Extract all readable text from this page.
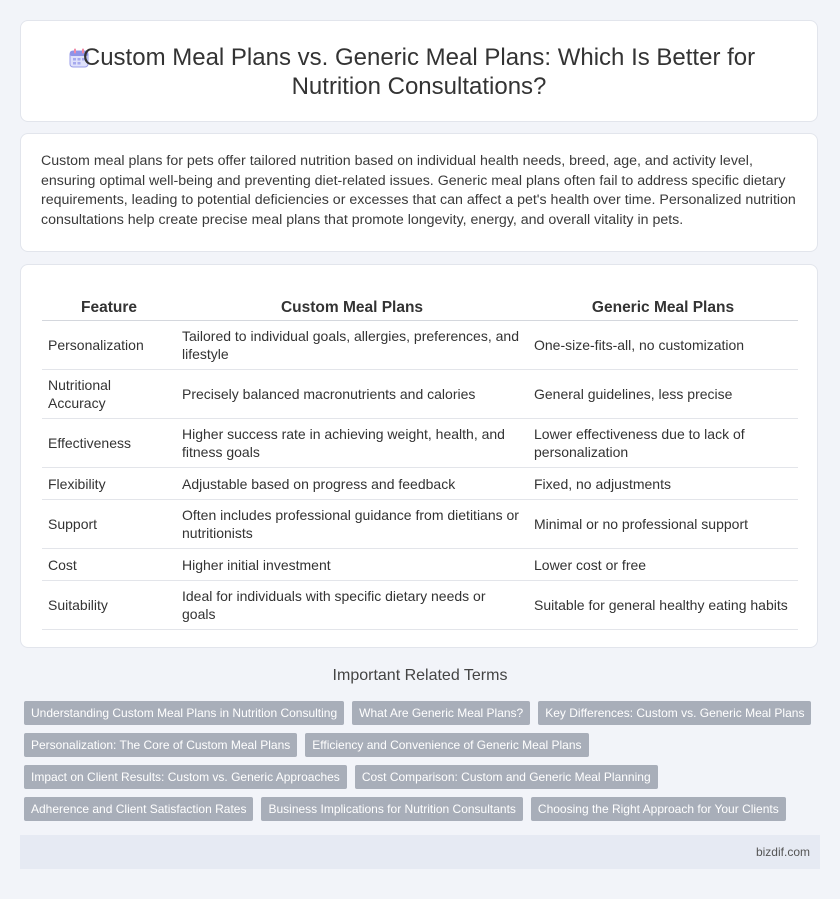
Custom Meal Plans vs. Generic Meal Plans: Which Is Better for
Nutrition Consultations?

Custom meal plans for pets offer tailored nutrition based on individual health needs, breed, age, and activity level, ensuring optimal well-being and preventing diet-related issues. Generic meal plans often fail to address specific dietary requirements, leading to potential deficiencies or excesses that can affect a pet's health over time. Personalized nutrition consultations help create precise meal plans that promote longevity, energy, and overall vitality in pets.

Feature	Custom Meal Plans	Generic Meal Plans
Personalization	Tailored to individual goals, allergies, preferences, and lifestyle	One-size-fits-all, no customization
Nutritional Accuracy	Precisely balanced macronutrients and calories	General guidelines, less precise
Effectiveness	Higher success rate in achieving weight, health, and fitness goals	Lower effectiveness due to lack of personalization
Flexibility	Adjustable based on progress and feedback	Fixed, no adjustments
Support	Often includes professional guidance from dietitians or nutritionists	Minimal or no professional support
Cost	Higher initial investment	Lower cost or free
Suitability	Ideal for individuals with specific dietary needs or goals	Suitable for general healthy eating habits
Important Related Terms
Understanding Custom Meal Plans in Nutrition Consulting	What Are Generic Meal Plans?	Key Differences: Custom vs. Generic Meal Plans
Personalization: The Core of Custom Meal Plans	Efficiency and Convenience of Generic Meal Plans
Impact on Client Results: Custom vs. Generic Approaches	Cost Comparison: Custom and Generic Meal Planning
Adherence and Client Satisfaction Rates	Business Implications for Nutrition Consultants	Choosing the Right Approach for Your Clients
bizdif.com
